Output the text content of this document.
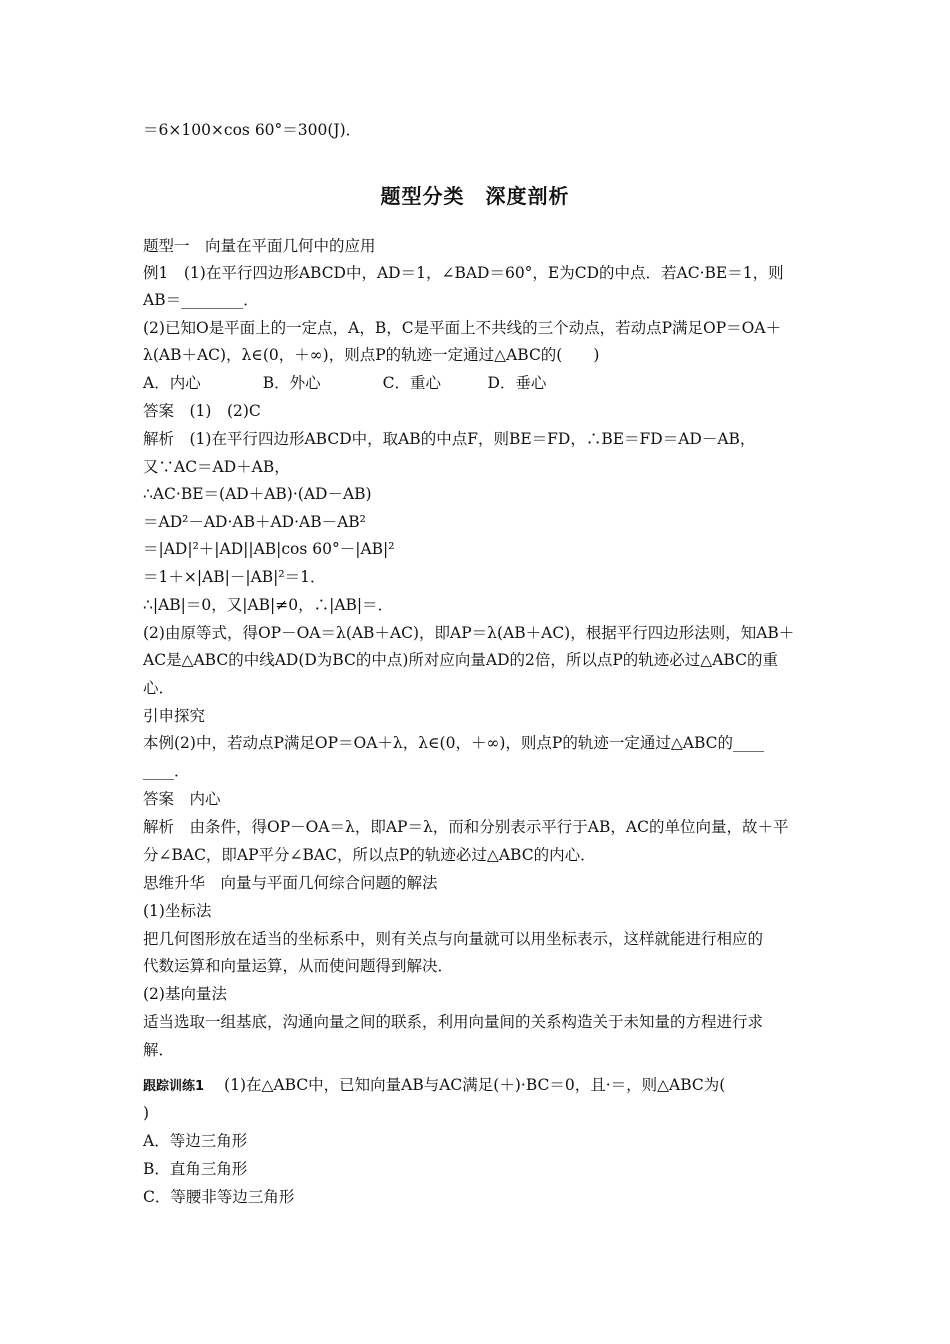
＝6×100×cos 60°＝300(J)．
题型分类　深度剖析
题型一　向量在平面几何中的应用
例1　(1)在平行四边形ABCD中，AD＝1，∠BAD＝60°，E为CD的中点．若AC·BE＝1，则
AB＝________．
(2)已知O是平面上的一定点，A，B，C是平面上不共线的三个动点，若动点P满足OP＝OA＋
λ(AB＋AC)，λ∈(0，＋∞)，则点P的轨迹一定通过△ABC的(　　)
A．内心　　　　B．外心　　　　C．重心　　　D．垂心
答案　(1)　(2)C
解析　(1)在平行四边形ABCD中，取AB的中点F，则BE＝FD，∴BE＝FD＝AD－AB，
又∵AC＝AD＋AB，
∴AC·BE＝(AD＋AB)·(AD－AB)
＝AD²－AD·AB＋AD·AB－AB²
＝|AD|²＋|AD||AB|cos 60°－|AB|²
＝1＋×|AB|－|AB|²＝1．
∴|AB|＝0，又|AB|≠0，∴|AB|＝．
(2)由原等式，得OP－OA＝λ(AB＋AC)，即AP＝λ(AB＋AC)，根据平行四边形法则，知AB＋
AC是△ABC的中线AD(D为BC的中点)所对应向量AD的2倍，所以点P的轨迹必过△ABC的重
心．
引申探究
本例(2)中，若动点P满足OP＝OA＋λ，λ∈(0，＋∞)，则点P的轨迹一定通过△ABC的____
____．
答案　内心
解析　由条件，得OP－OA＝λ，即AP＝λ，而和分别表示平行于AB，AC的单位向量，故＋平
分∠BAC，即AP平分∠BAC，所以点P的轨迹必过△ABC的内心．
思维升华　向量与平面几何综合问题的解法
(1)坐标法
把几何图形放在适当的坐标系中，则有关点与向量就可以用坐标表示，这样就能进行相应的
代数运算和向量运算，从而使问题得到解决．
(2)基向量法
适当选取一组基底，沟通向量之间的联系，利用向量间的关系构造关于未知量的方程进行求
解．
跟踪训练1 (1)在△ABC中，已知向量AB与AC满足(＋)·BC＝0，且·＝，则△ABC为(
)
A．等边三角形
B．直角三角形
C．等腰非等边三角形
